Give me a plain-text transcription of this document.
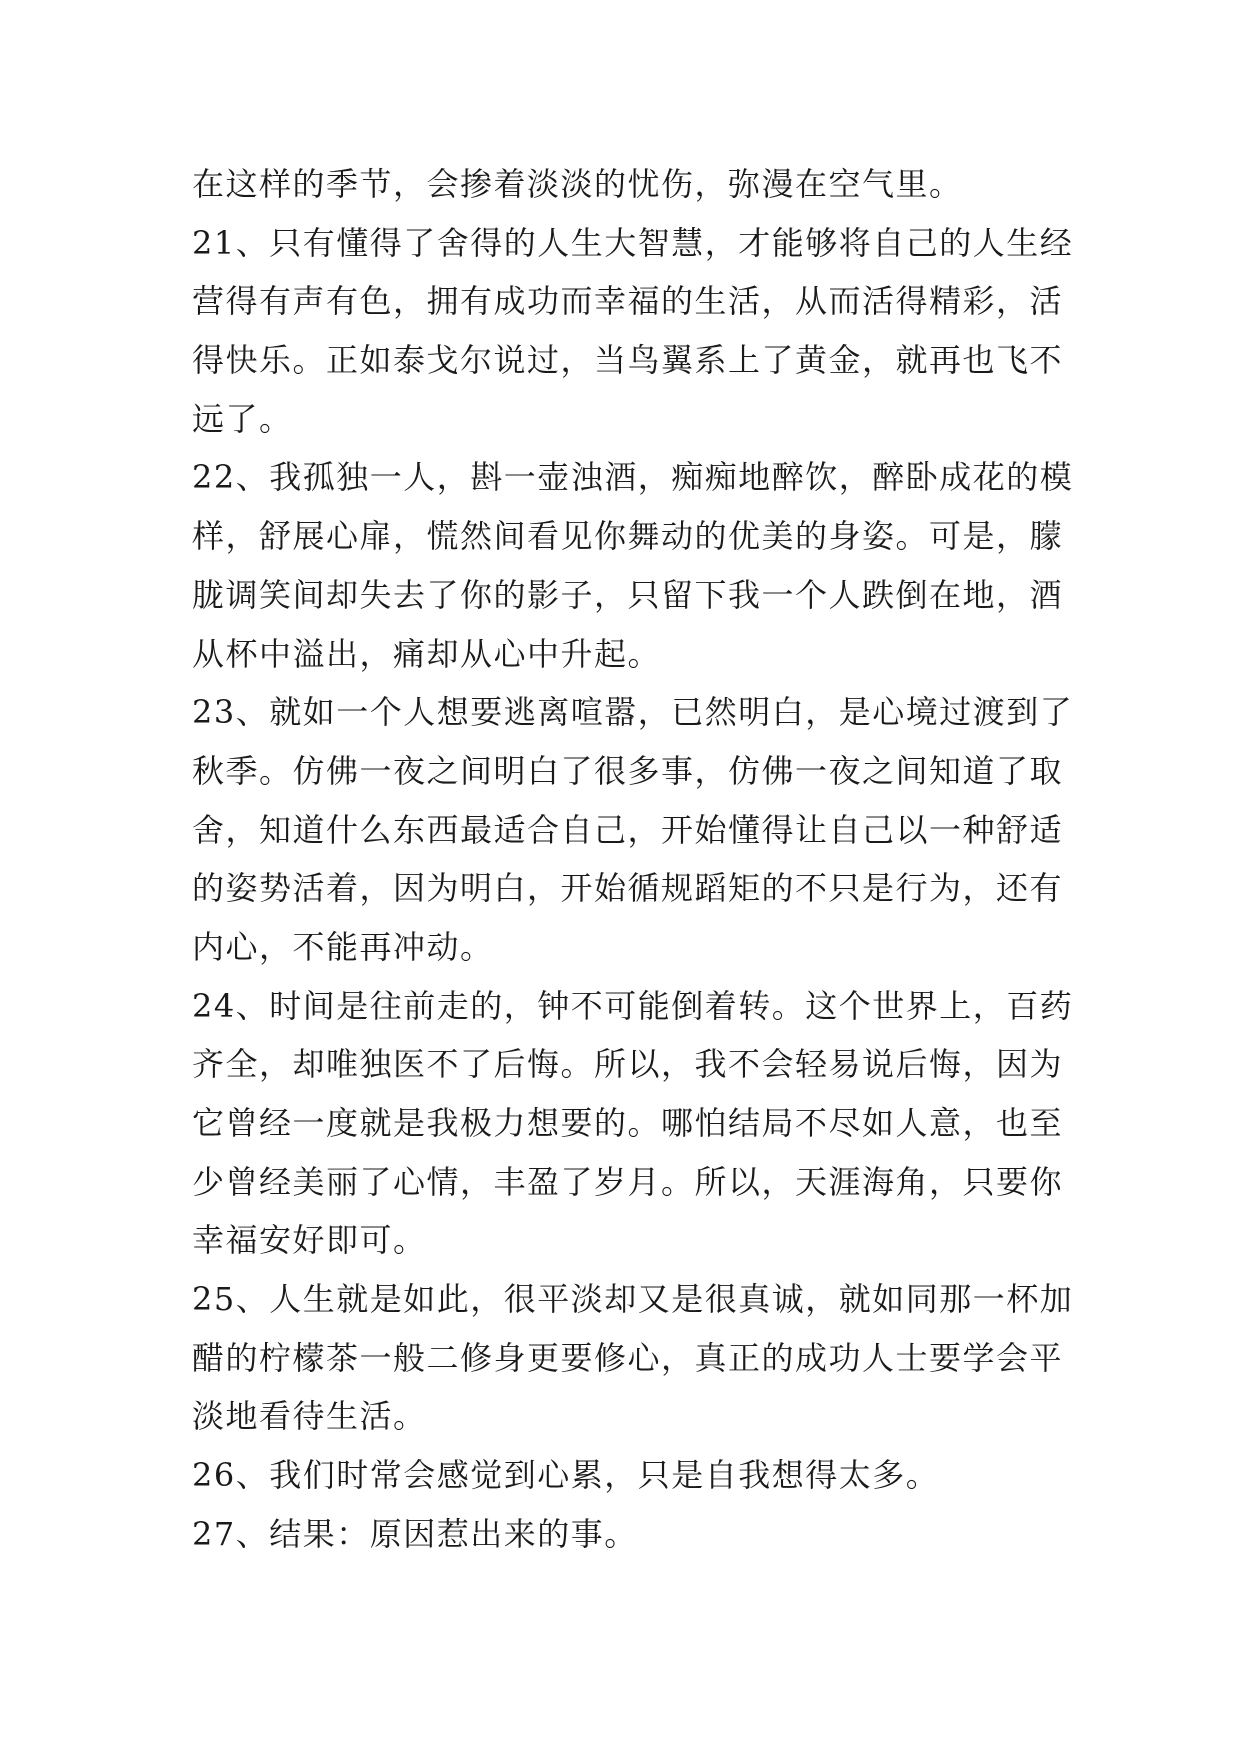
在这样的季节，会掺着淡淡的忧伤，弥漫在空气里。
21、只有懂得了舍得的人生大智慧，才能够将自己的人生经
营得有声有色，拥有成功而幸福的生活，从而活得精彩，活
得快乐。正如泰戈尔说过，当鸟翼系上了黄金，就再也飞不
远了。
22、我孤独一人，斟一壶浊酒，痴痴地醉饮，醉卧成花的模
样，舒展心扉，慌然间看见你舞动的优美的身姿。可是，朦
胧调笑间却失去了你的影子，只留下我一个人跌倒在地，酒
从杯中溢出，痛却从心中升起。
23、就如一个人想要逃离喧嚣，已然明白，是心境过渡到了
秋季。仿佛一夜之间明白了很多事，仿佛一夜之间知道了取
舍，知道什么东西最适合自己，开始懂得让自己以一种舒适
的姿势活着，因为明白，开始循规蹈矩的不只是行为，还有
内心，不能再冲动。
24、时间是往前走的，钟不可能倒着转。这个世界上，百药
齐全，却唯独医不了后悔。所以，我不会轻易说后悔，因为
它曾经一度就是我极力想要的。哪怕结局不尽如人意，也至
少曾经美丽了心情，丰盈了岁月。所以，天涯海角，只要你
幸福安好即可。
25、人生就是如此，很平淡却又是很真诚，就如同那一杯加
醋的柠檬茶一般二修身更要修心，真正的成功人士要学会平
淡地看待生活。
26、我们时常会感觉到心累，只是自我想得太多。
27、结果：原因惹出来的事。
